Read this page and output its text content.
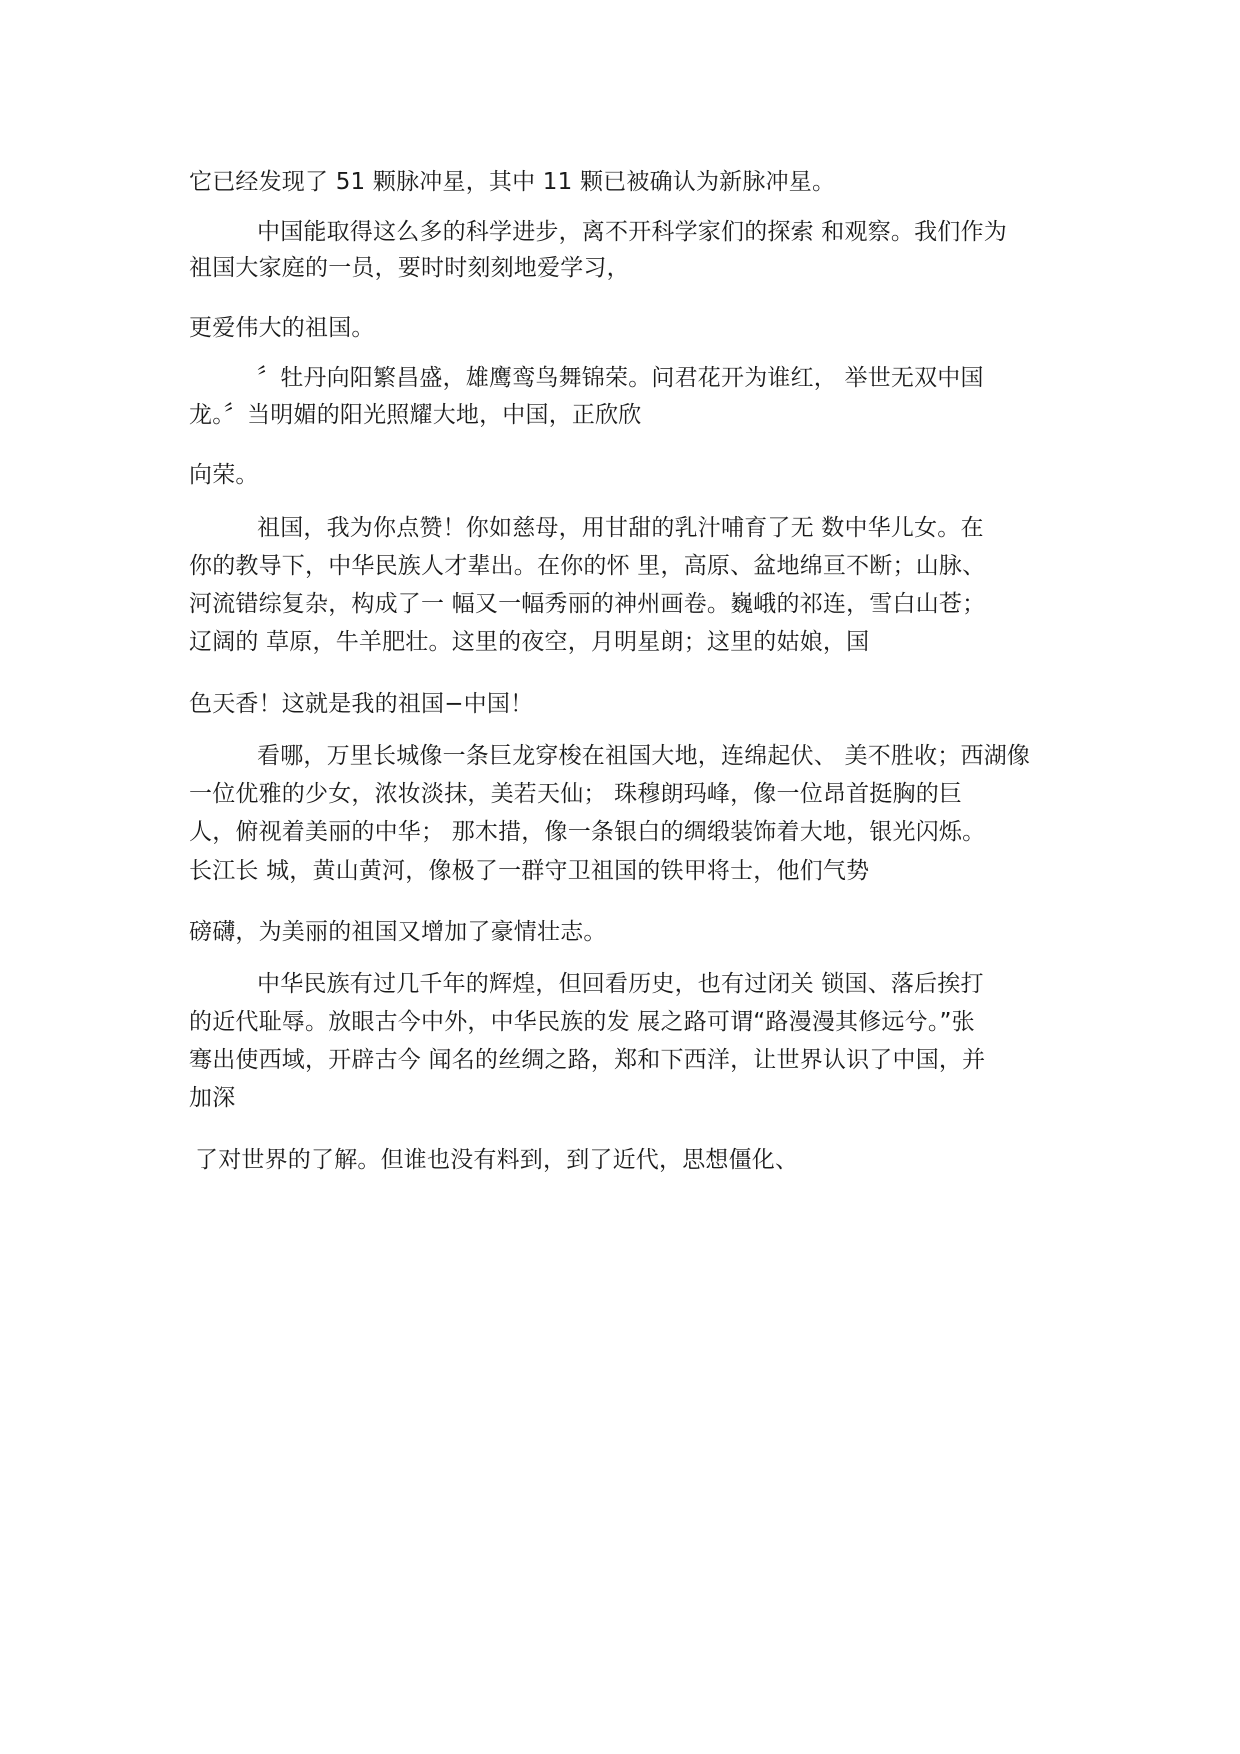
它已经发现了 51 颗脉冲星，其中 11 颗已被确认为新脉冲星。
中国能取得这么多的科学进步，离不开科学家们的探索 和观察。我们作为
祖国大家庭的一员，要时时刻刻地爱学习，
更爱伟大的祖国。
〞牡丹向阳繁昌盛，雄鹰鸾鸟舞锦荣。问君花开为谁红， 举世无双中国
龙。〞当明媚的阳光照耀大地，中国，正欣欣
向荣。
祖国，我为你点赞！你如慈母，用甘甜的乳汁哺育了无 数中华儿女。在
你的教导下，中华民族人才辈出。在你的怀 里，高原、盆地绵亘不断；山脉、
河流错综复杂，构成了一 幅又一幅秀丽的神州画卷。巍峨的祁连，雪白山苍；
辽阔的 草原，牛羊肥壮。这里的夜空，月明星朗；这里的姑娘，国
色天香！这就是我的祖国−中国！
看哪，万里长城像一条巨龙穿梭在祖国大地，连绵起伏、 美不胜收；西湖像
一位优雅的少女，浓妆淡抹，美若天仙； 珠穆朗玛峰，像一位昂首挺胸的巨
人，俯视着美丽的中华； 那木措，像一条银白的绸缎装饰着大地，银光闪烁。
长江长 城，黄山黄河，像极了一群守卫祖国的铁甲将士，他们气势
磅礴，为美丽的祖国又增加了豪情壮志。
中华民族有过几千年的辉煌，但回看历史，也有过闭关 锁国、落后挨打
的近代耻辱。放眼古今中外，中华民族的发 展之路可谓“路漫漫其修远兮。”张
骞出使西域，开辟古今 闻名的丝绸之路，郑和下西洋，让世界认识了中国，并
加深
了对世界的了解。但谁也没有料到，到了近代，思想僵化、
